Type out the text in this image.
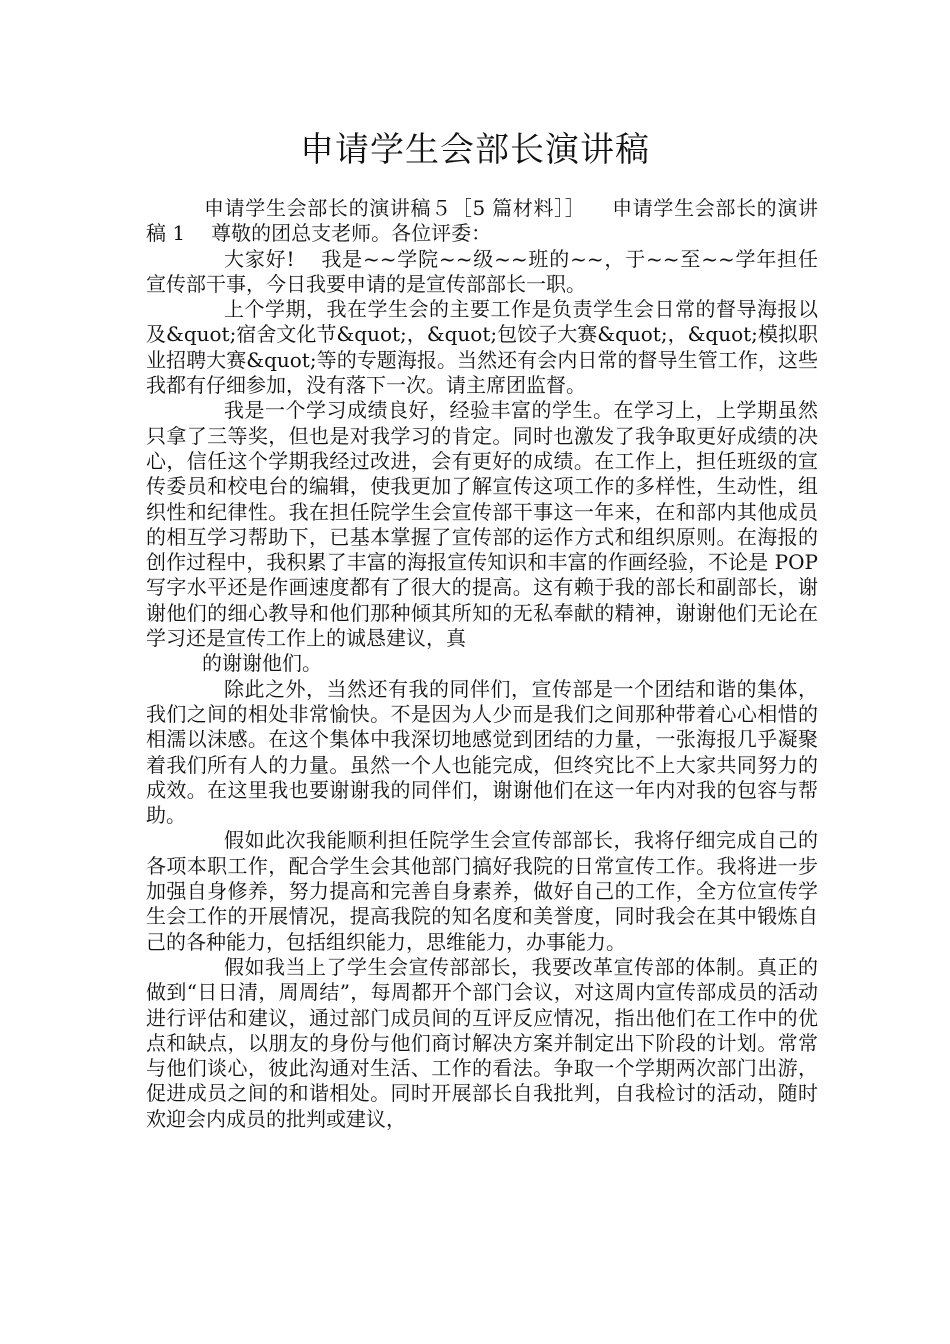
申请学生会部长演讲稿

申请学生会部长的演讲稿５［5 篇材料］］ 申请学生会部长的演讲稿 1 尊敬的团总支老师。各位评委：

大家好! 我是~~学院~~级~~班的~~，于~~至~~学年担任宣传部干事，今日我要申请的是宣传部部长一职。

上个学期，我在学生会的主要工作是负责学生会日常的督导海报以及&quot;宿舍文化节&quot;，&quot;包饺子大赛&quot;，&quot;模拟职业招聘大赛&quot;等的专题海报。当然还有会内日常的督导生管工作，这些我都有仔细参加，没有落下一次。请主席团监督。

我是一个学习成绩良好，经验丰富的学生。在学习上，上学期虽然只拿了三等奖，但也是对我学习的肯定。同时也激发了我争取更好成绩的决心，信任这个学期我经过改进，会有更好的成绩。在工作上，担任班级的宣传委员和校电台的编辑，使我更加了解宣传这项工作的多样性，生动性，组织性和纪律性。我在担任院学生会宣传部干事这一年来，在和部内其他成员的相互学习帮助下，已基本掌握了宣传部的运作方式和组织原则。在海报的创作过程中，我积累了丰富的海报宣传知识和丰富的作画经验，不论是 POP 写字水平还是作画速度都有了很大的提高。这有赖于我的部长和副部长，谢谢他们的细心教导和他们那种倾其所知的无私奉献的精神，谢谢他们无论在学习还是宣传工作上的诚恳建议，真

的谢谢他们。

除此之外，当然还有我的同伴们，宣传部是一个团结和谐的集体，我们之间的相处非常愉快。不是因为人少而是我们之间那种带着心心相惜的相濡以沫感。在这个集体中我深切地感觉到团结的力量，一张海报几乎凝聚着我们所有人的力量。虽然一个人也能完成，但终究比不上大家共同努力的成效。在这里我也要谢谢我的同伴们，谢谢他们在这一年内对我的包容与帮助。

假如此次我能顺利担任院学生会宣传部部长，我将仔细完成自己的各项本职工作，配合学生会其他部门搞好我院的日常宣传工作。我将进一步加强自身修养，努力提高和完善自身素养，做好自己的工作，全方位宣传学生会工作的开展情况，提高我院的知名度和美誉度，同时我会在其中锻炼自己的各种能力，包括组织能力，思维能力，办事能力。

假如我当上了学生会宣传部部长，我要改革宣传部的体制。真正的做到“日日清，周周结”，每周都开个部门会议，对这周内宣传部成员的活动进行评估和建议，通过部门成员间的互评反应情况，指出他们在工作中的优点和缺点，以朋友的身份与他们商讨解决方案并制定出下阶段的计划。常常与他们谈心，彼此沟通对生活、工作的看法。争取一个学期两次部门出游，促进成员之间的和谐相处。同时开展部长自我批判，自我检讨的活动，随时欢迎会内成员的批判或建议，
